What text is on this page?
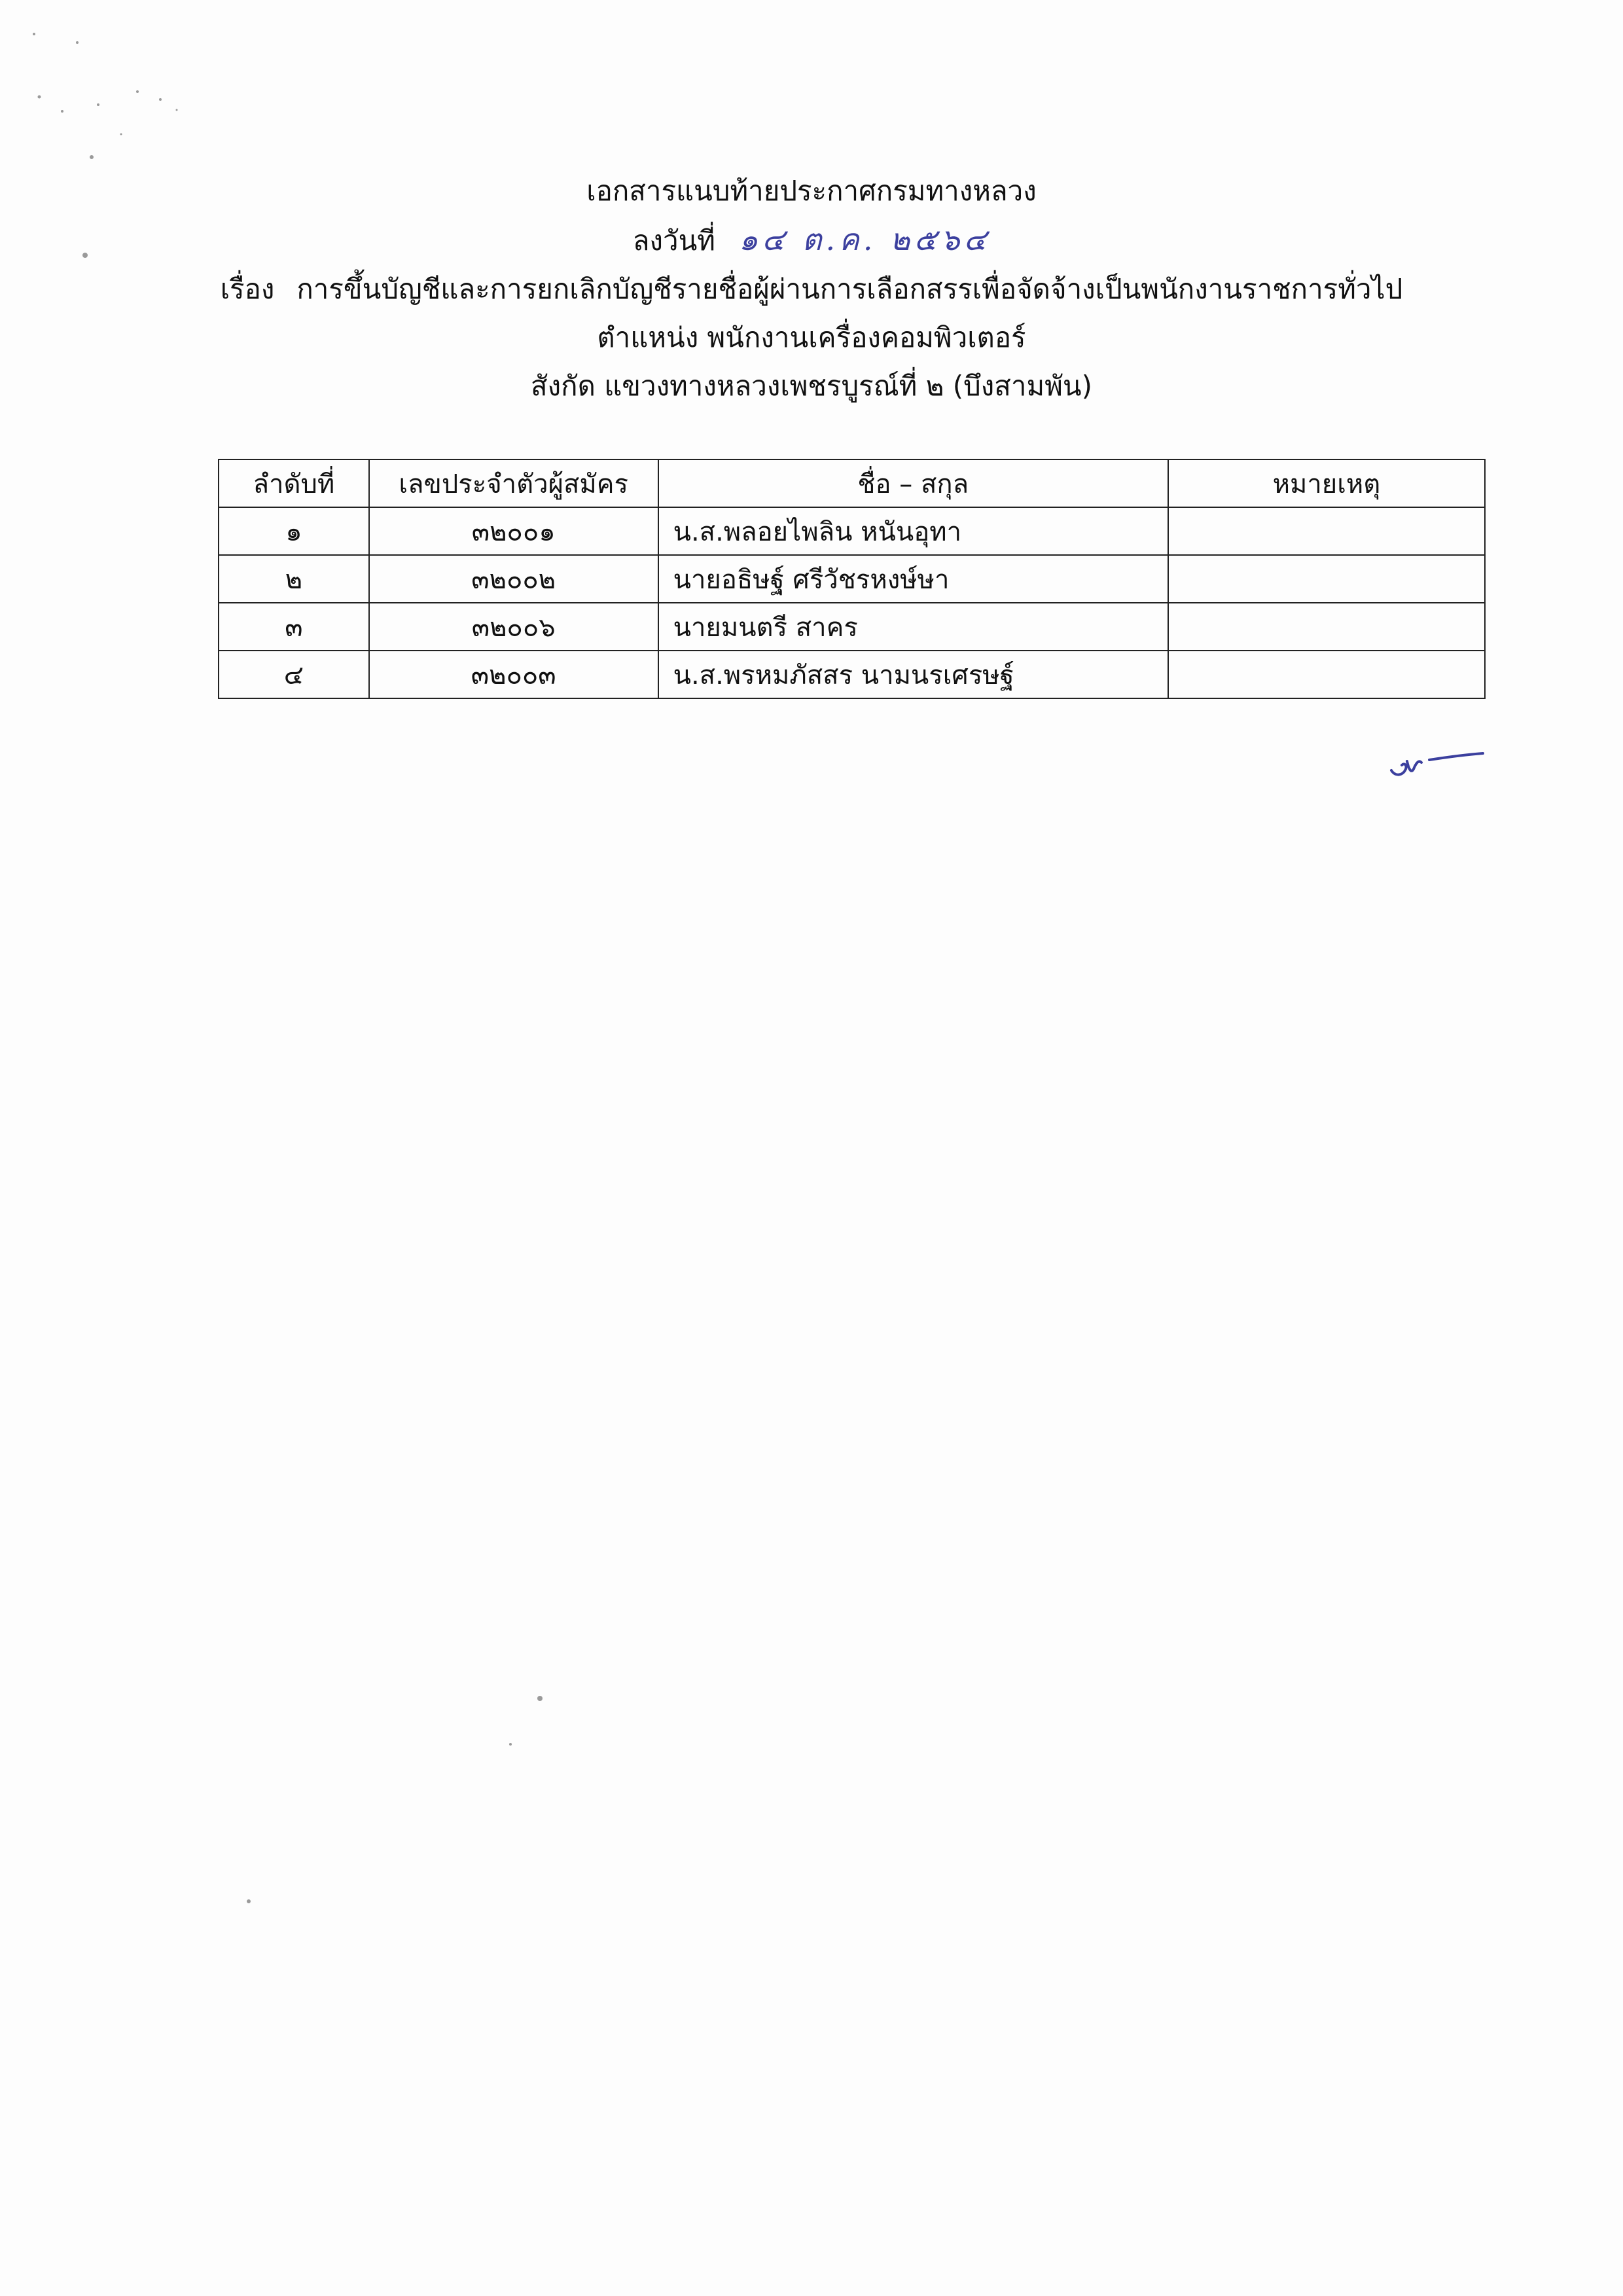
เอกสารแนบท้ายประกาศกรมทางหลวง
ลงวันที่ ๑๔ ต.ค. ๒๕๖๔
เรื่อง การขึ้นบัญชีและการยกเลิกบัญชีรายชื่อผู้ผ่านการเลือกสรรเพื่อจัดจ้างเป็นพนักงานราชการทั่วไป
ตำแหน่ง พนักงานเครื่องคอมพิวเตอร์
สังกัด แขวงทางหลวงเพชรบูรณ์ที่ ๒ (บึงสามพัน)
ลำดับที่	เลขประจำตัวผู้สมัคร	ชื่อ – สกุล	หมายเหตุ
๑	๓๒๐๐๑	น.ส.พลอยไพลิน หนันอุทา	
๒	๓๒๐๐๒	นายอธิษฐ์ ศรีวัชรหงษ์ษา	
๓	๓๒๐๐๖	นายมนตรี สาคร	
๔	๓๒๐๐๓	น.ส.พรหมภัสสร นามนรเศรษฐ์	
